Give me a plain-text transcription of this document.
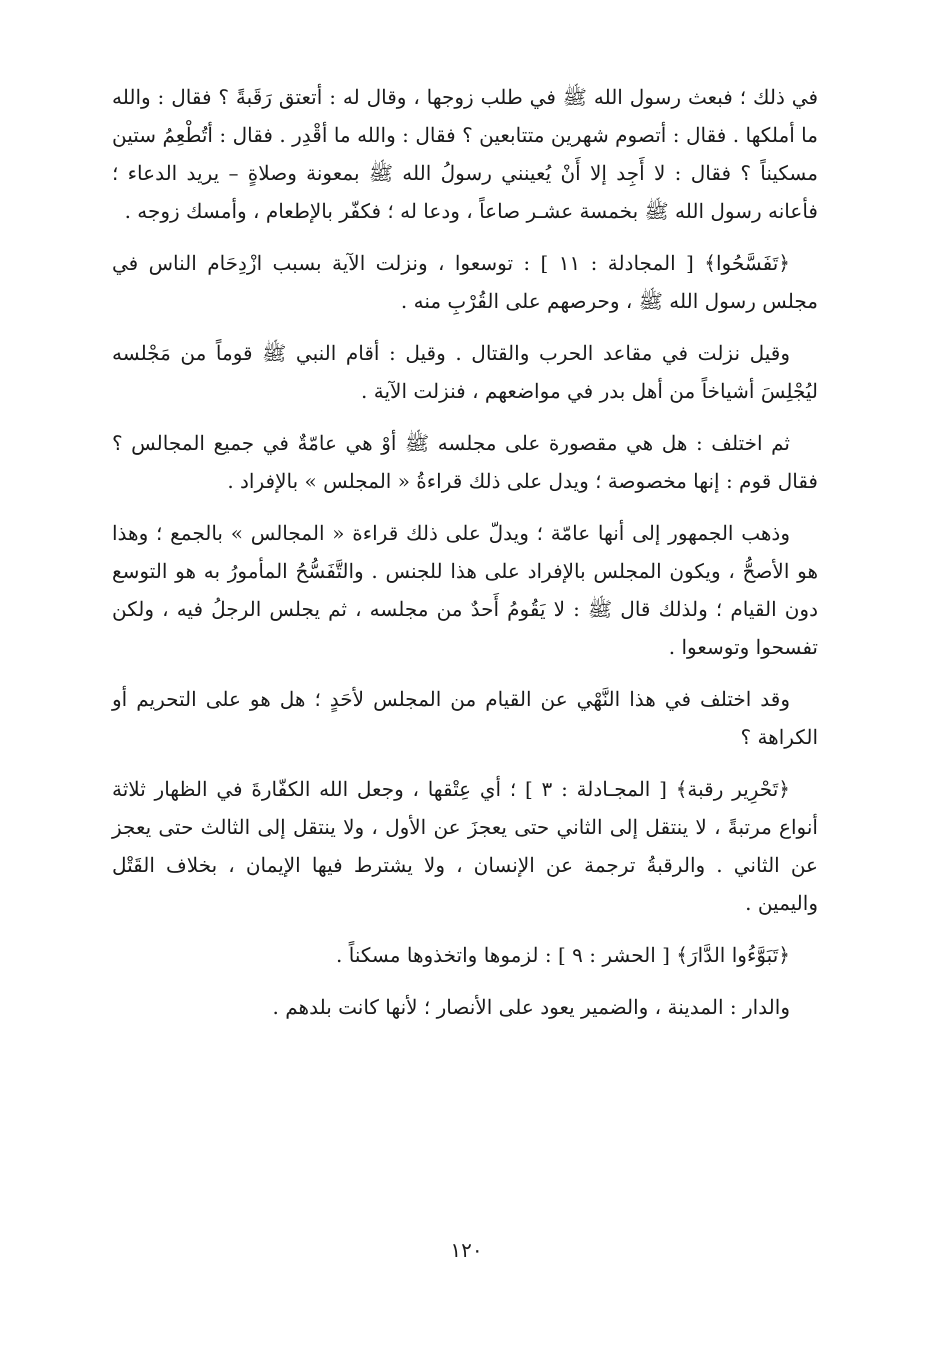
في ذلك ؛ فبعث رسول الله ﷺ في طلب زوجها ، وقال له : أتعتق رَقَبةً ؟ فقال : والله ما أملكها . فقال : أتصوم شهرين متتابعين ؟ فقال : والله ما أقْدِر . فقال : أتُطْعِمُ ستين مسكيناً ؟ فقال : لا أَجِد إلا أَنْ يُعينني رسولُ الله ﷺ بمعونة وصلاةٍ – يريد الدعاء ؛ فأعانه رسول الله ﷺ بخمسة عشـر صاعاً ، ودعا له ؛ فكفّر بالإطعام ، وأمسك زوجه .

﴿تَفَسَّحُوا﴾ [ المجادلة : ١١ ] : توسعوا ، ونزلت الآية بسبب ازْدِحَام الناس في مجلس رسول الله ﷺ ، وحرصهم على القُرْبِ منه .

وقيل نزلت في مقاعد الحرب والقتال . وقيل : أقام النبي ﷺ قوماً من مَجْلسه ليُجْلِسَ أشياخاً من أهل بدر في مواضعهم ، فنزلت الآية .

ثم اختلف : هل هي مقصورة على مجلسه ﷺ أوْ هي عامّةٌ في جميع المجالس ؟ فقال قوم : إنها مخصوصة ؛ ويدل على ذلك قراءةُ « المجلس » بالإفراد .

وذهب الجمهور إلى أنها عامّة ؛ ويدلّ على ذلك قراءة « المجالس » بالجمع ؛ وهذا هو الأصحُّ ، ويكون المجلس بالإفراد على هذا للجنس . والتَّفَسُّحُ المأمورُ به هو التوسع دون القيام ؛ ولذلك قال ﷺ : لا يَقُومُ أَحدٌ من مجلسه ، ثم يجلس الرجلُ فيه ، ولكن تفسحوا وتوسعوا .

وقد اختلف في هذا النَّهْي عن القيام من المجلس لأحَدٍ ؛ هل هو على التحريم أو الكراهة ؟

﴿تَحْرِير رقبة﴾ [ المجـادلة : ٣ ] ؛ أي عِتْقها ، وجعل الله الكفّارةَ في الظهار ثلاثة أنواع مرتبةً ، لا ينتقل إلى الثاني حتى يعجزَ عن الأول ، ولا ينتقل إلى الثالث حتى يعجز عن الثاني . والرقبةُ ترجمة عن الإنسان ، ولا يشترط فيها الإيمان ، بخلاف القَتْل واليمين .

﴿تَبَوَّءُوا الدَّارَ﴾ [ الحشر : ٩ ] : لزموها واتخذوها مسكناً .

والدار : المدينة ، والضمير يعود على الأنصار ؛ لأنها كانت بلدهم .

١٢٠
